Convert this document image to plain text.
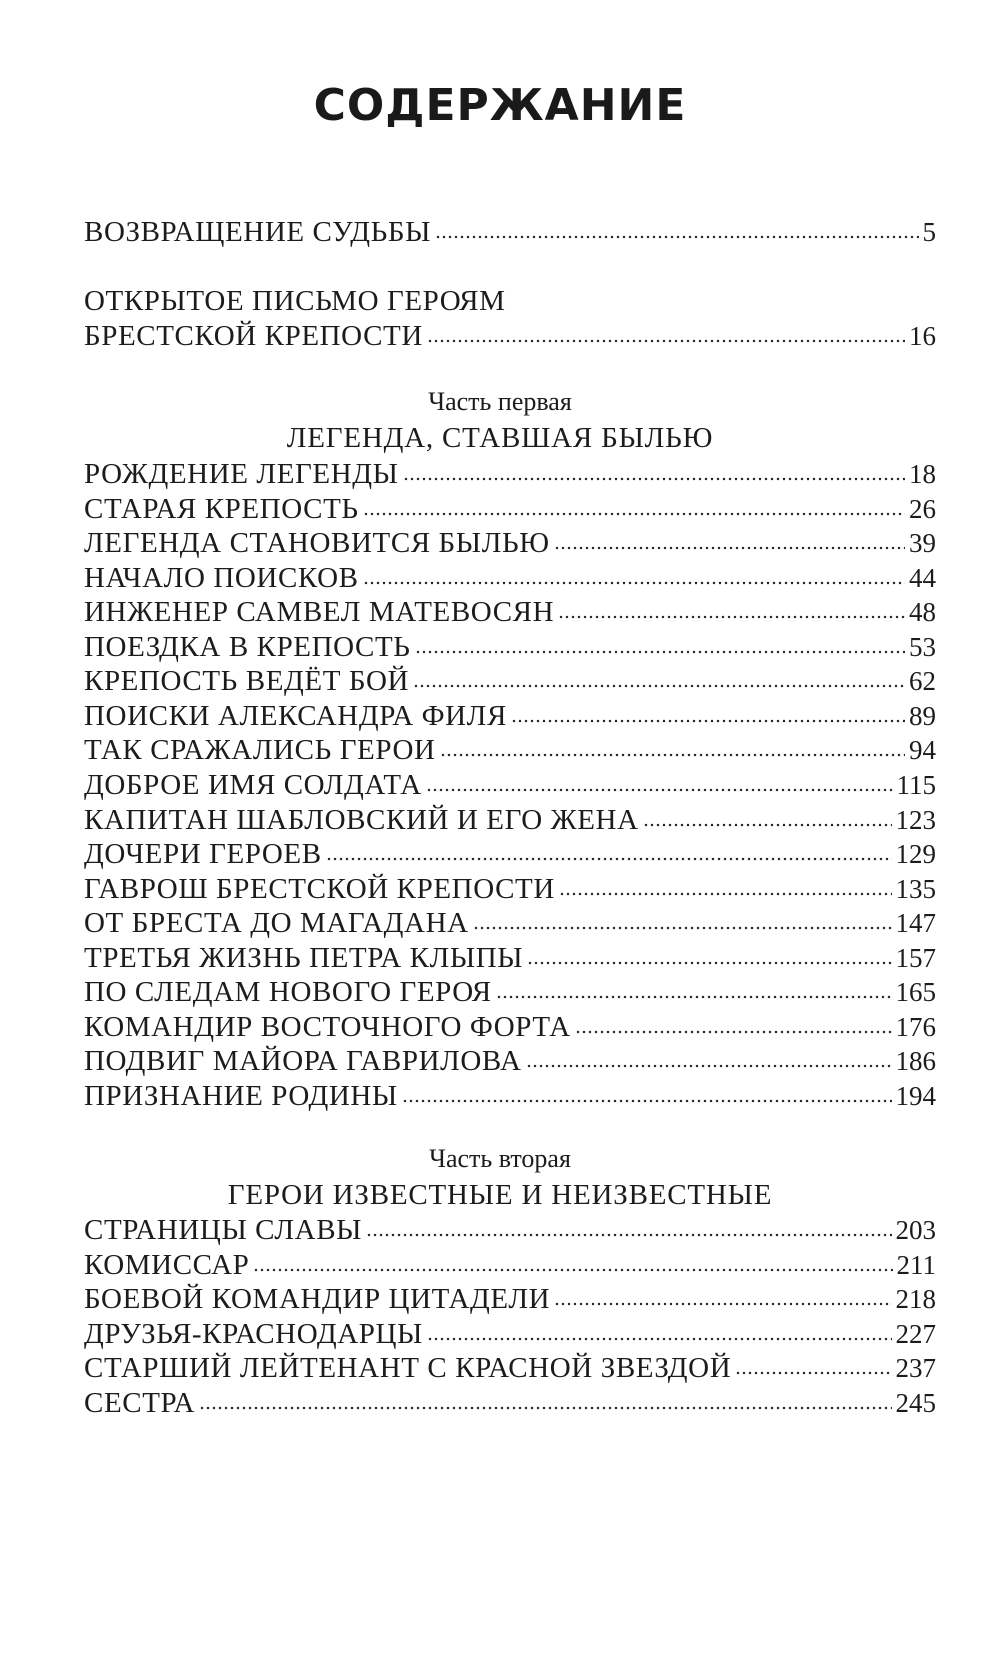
СОДЕРЖАНИЕ
ВОЗВРАЩЕНИЕ СУДЬБЫ	5
ОТКРЫТОЕ ПИСЬМО ГЕРОЯМ
БРЕСТСКОЙ КРЕПОСТИ	16
Часть первая
ЛЕГЕНДА, СТАВШАЯ БЫЛЬЮ
РОЖДЕНИЕ ЛЕГЕНДЫ	18
СТАРАЯ КРЕПОСТЬ	26
ЛЕГЕНДА СТАНОВИТСЯ БЫЛЬЮ	39
НАЧАЛО ПОИСКОВ	44
ИНЖЕНЕР САМВЕЛ МАТЕВОСЯН	48
ПОЕЗДКА В КРЕПОСТЬ	53
КРЕПОСТЬ ВЕДЁТ БОЙ	62
ПОИСКИ АЛЕКСАНДРА ФИЛЯ	89
ТАК СРАЖАЛИСЬ ГЕРОИ	94
ДОБРОЕ ИМЯ СОЛДАТА	115
КАПИТАН ШАБЛОВСКИЙ И ЕГО ЖЕНА	123
ДОЧЕРИ ГЕРОЕВ	129
ГАВРОШ БРЕСТСКОЙ КРЕПОСТИ	135
ОТ БРЕСТА ДО МАГАДАНА	147
ТРЕТЬЯ ЖИЗНЬ ПЕТРА КЛЫПЫ	157
ПО СЛЕДАМ НОВОГО ГЕРОЯ	165
КОМАНДИР ВОСТОЧНОГО ФОРТА	176
ПОДВИГ МАЙОРА ГАВРИЛОВА	186
ПРИЗНАНИЕ РОДИНЫ	194
Часть вторая
ГЕРОИ ИЗВЕСТНЫЕ И НЕИЗВЕСТНЫЕ
СТРАНИЦЫ СЛАВЫ	203
КОМИССАР	211
БОЕВОЙ КОМАНДИР ЦИТАДЕЛИ	218
ДРУЗЬЯ-КРАСНОДАРЦЫ	227
СТАРШИЙ ЛЕЙТЕНАНТ С КРАСНОЙ ЗВЕЗДОЙ	237
СЕСТРА	245
